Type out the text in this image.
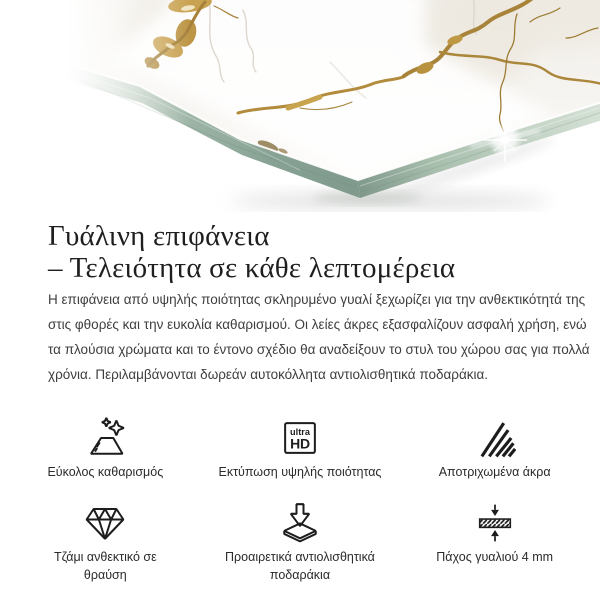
Γυάλινη επιφάνεια
– Τελειότητα σε κάθε λεπτομέρεια
Η επιφάνεια από υψηλής ποιότητας σκληρυμένο γυαλί ξεχωρίζει για την ανθεκτικότητά της
στις φθορές και την ευκολία καθαρισμού. Οι λείες άκρες εξασφαλίζουν ασφαλή χρήση, ενώ
τα πλούσια χρώματα και το έντονο σχέδιο θα αναδείξουν το στυλ του χώρου σας για πολλά
χρόνια. Περιλαμβάνονται δωρεάν αυτοκόλλητα αντιολισθητικά ποδαράκια.
Εύκολος καθαρισμός
ultra
HD
Εκτύπωση υψηλής ποιότητας	Αποτριχωμένα άκρα
Τζάμι ανθεκτικό σε θραύση
Προαιρετικά αντιολισθητικά ποδαράκια
Πάχος γυαλιού 4 mm
